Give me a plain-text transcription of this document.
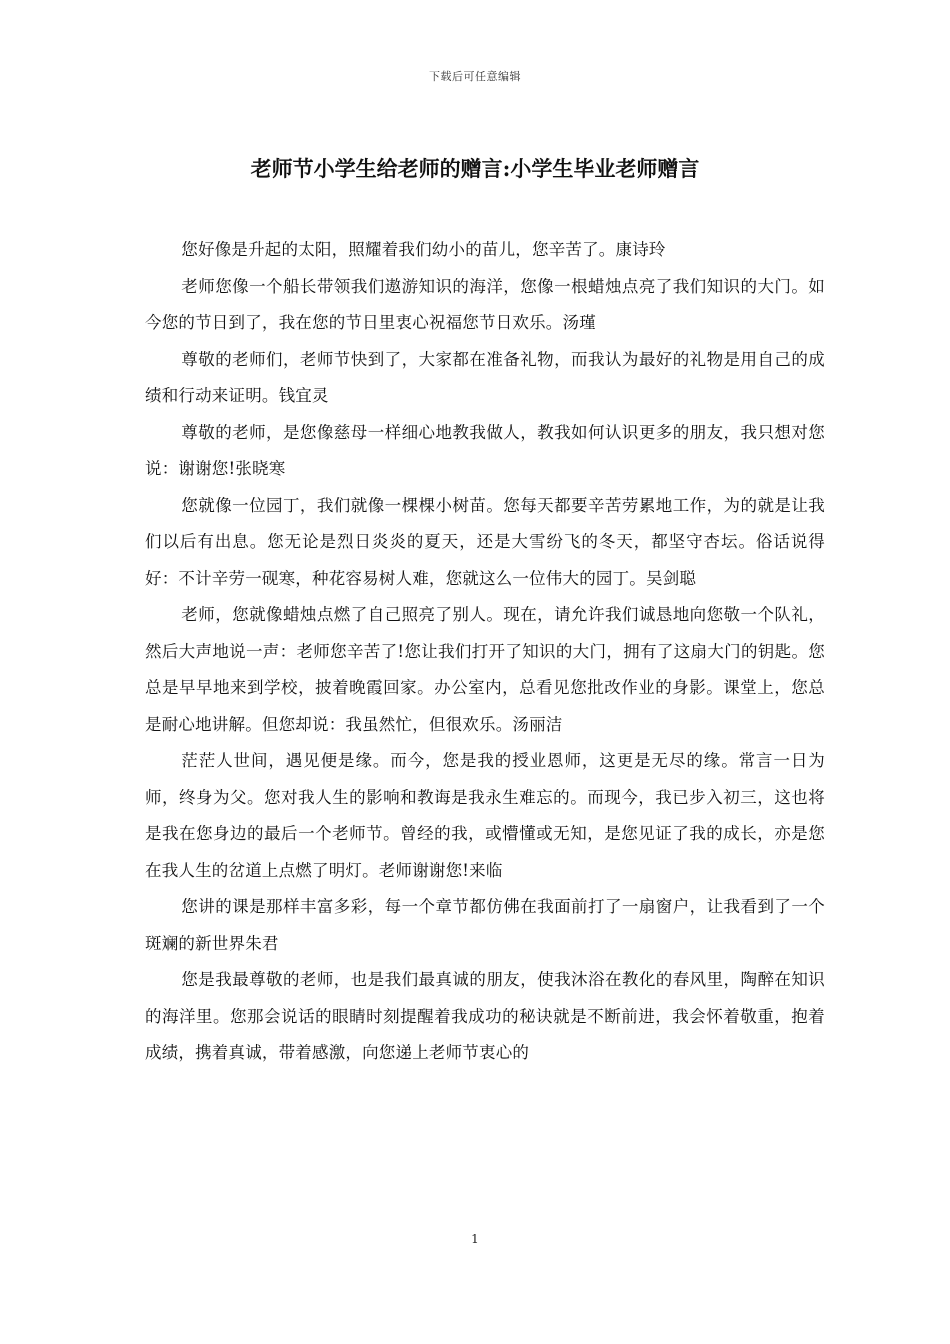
下载后可任意编辑
老师节小学生给老师的赠言:小学生毕业老师赠言

您好像是升起的太阳，照耀着我们幼小的苗儿，您辛苦了。康诗玲

老师您像一个船长带领我们遨游知识的海洋，您像一根蜡烛点亮了我们知识的大门。如今您的节日到了，我在您的节日里衷心祝福您节日欢乐。汤瑾

尊敬的老师们，老师节快到了，大家都在准备礼物，而我认为最好的礼物是用自己的成绩和行动来证明。钱宜灵

尊敬的老师，是您像慈母一样细心地教我做人，教我如何认识更多的朋友，我只想对您说：谢谢您!张晓寒

您就像一位园丁，我们就像一棵棵小树苗。您每天都要辛苦劳累地工作，为的就是让我们以后有出息。您无论是烈日炎炎的夏天，还是大雪纷飞的冬天，都坚守杏坛。俗话说得好：不计辛劳一砚寒，种花容易树人难，您就这么一位伟大的园丁。吴剑聪

老师，您就像蜡烛点燃了自己照亮了别人。现在，请允许我们诚恳地向您敬一个队礼，然后大声地说一声：老师您辛苦了!您让我们打开了知识的大门，拥有了这扇大门的钥匙。您总是早早地来到学校，披着晚霞回家。办公室内，总看见您批改作业的身影。课堂上，您总是耐心地讲解。但您却说：我虽然忙，但很欢乐。汤丽洁

茫茫人世间，遇见便是缘。而今，您是我的授业恩师，这更是无尽的缘。常言一日为师，终身为父。您对我人生的影响和教诲是我永生难忘的。而现今，我已步入初三，这也将是我在您身边的最后一个老师节。曾经的我，或懵懂或无知，是您见证了我的成长，亦是您在我人生的岔道上点燃了明灯。老师谢谢您!来临

您讲的课是那样丰富多彩，每一个章节都仿佛在我面前打了一扇窗户，让我看到了一个斑斓的新世界朱君

您是我最尊敬的老师，也是我们最真诚的朋友，使我沐浴在教化的春风里，陶醉在知识的海洋里。您那会说话的眼睛时刻提醒着我成功的秘诀就是不断前进，我会怀着敬重，抱着成绩，携着真诚，带着感激，向您递上老师节衷心的

1
